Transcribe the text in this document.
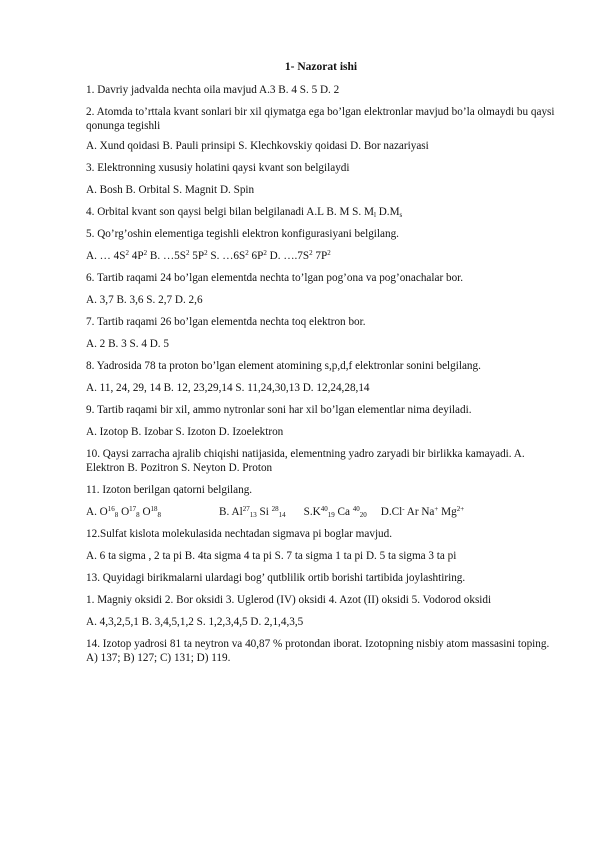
1- Nazorat ishi
1. Davriy jadvalda nechta oila mavjud A.3 B. 4 S. 5 D. 2
2. Atomda to’rttala kvant sonlari bir xil qiymatga ega bo’lgan elektronlar mavjud bo’la olmaydi bu qaysi qonunga tegishli
A. Xund qoidasi B. Pauli prinsipi S. Klechkovskiy qoidasi D. Bor nazariyasi
3. Elektronning xususiy holatini qaysi kvant son belgilaydi
A. Bosh B. Orbital S. Magnit D. Spin
4. Orbital kvant son qaysi belgi bilan belgilanadi A.L B. M S. $M_l$ $D.M_s$
5. Qo’rg’oshin elementiga tegishli elektron konfigurasiyani belgilang.
A. … $4S^2$ $4P^2$ B. $\dots 5S^2$ $5P^2$ S. $\dots 6S^2$ $6P^2$ D. $\dots.7S^2$ $7P^2$
6. Tartib raqami 24 bo’lgan elementda nechta to’lgan pog’ona va pog’onachalar bor.
A. 3,7 B. 3,6 S. 2,7 D. 2,6
7. Tartib raqami 26 bo’lgan elementda nechta toq elektron bor.
A. 2 B. 3 S. 4 D. 5
8. Yadrosida 78 ta proton bo’lgan element atomining s,p,d,f elektronlar sonini belgilang.
A. 11, 24, 29, 14 B. 12, 23,29,14 S. 11,24,30,13 D. 12,24,28,14
9. Tartib raqami bir xil, ammo nytronlar soni har xil bo’lgan elementlar nima deyiladi.
A. Izotop B. Izobar S. Izoton D. Izoelektron
10. Qaysi zarracha ajralib chiqishi natijasida, elementning yadro zaryadi bir birlikka kamayadi. A. Elektron B. Pozitron S. Neyton D. Proton
11. Izoton berilgan qatorni belgilang.
A. $O^{16}_8$ $O^{17}_8$ $O^{18}_8$	B. $Al^{27}_{13}$ Si $^{28}_{14}$ $S.K^{40}_{19}$ Ca $^{40}_{20}$ D.Cl- Ar Na+ $Mg^{2+}$
12.Sulfat kislota molekulasida nechtadan sigmava pi boglar mavjud.
A. 6 ta sigma , 2 ta pi B. 4ta sigma 4 ta pi S. 7 ta sigma 1 ta pi D. 5 ta sigma 3 ta pi
13. Quyidagi birikmalarni ulardagi bog’ qutblilik ortib borishi tartibida joylashtiring.
1. Magniy oksidi 2. Bor oksidi 3. Uglerod (IV) oksidi 4. Azot (II) oksidi 5. Vodorod oksidi
A. 4,3,2,5,1 B. 3,4,5,1,2 S. 1,2,3,4,5 D. 2,1,4,3,5
14. Izotop yadrosi 81 ta neytron va 40,87 % protondan iborat. Izotopning nisbiy atom massasini toping. A) 137; B) 127; C) 131; D) 119.
